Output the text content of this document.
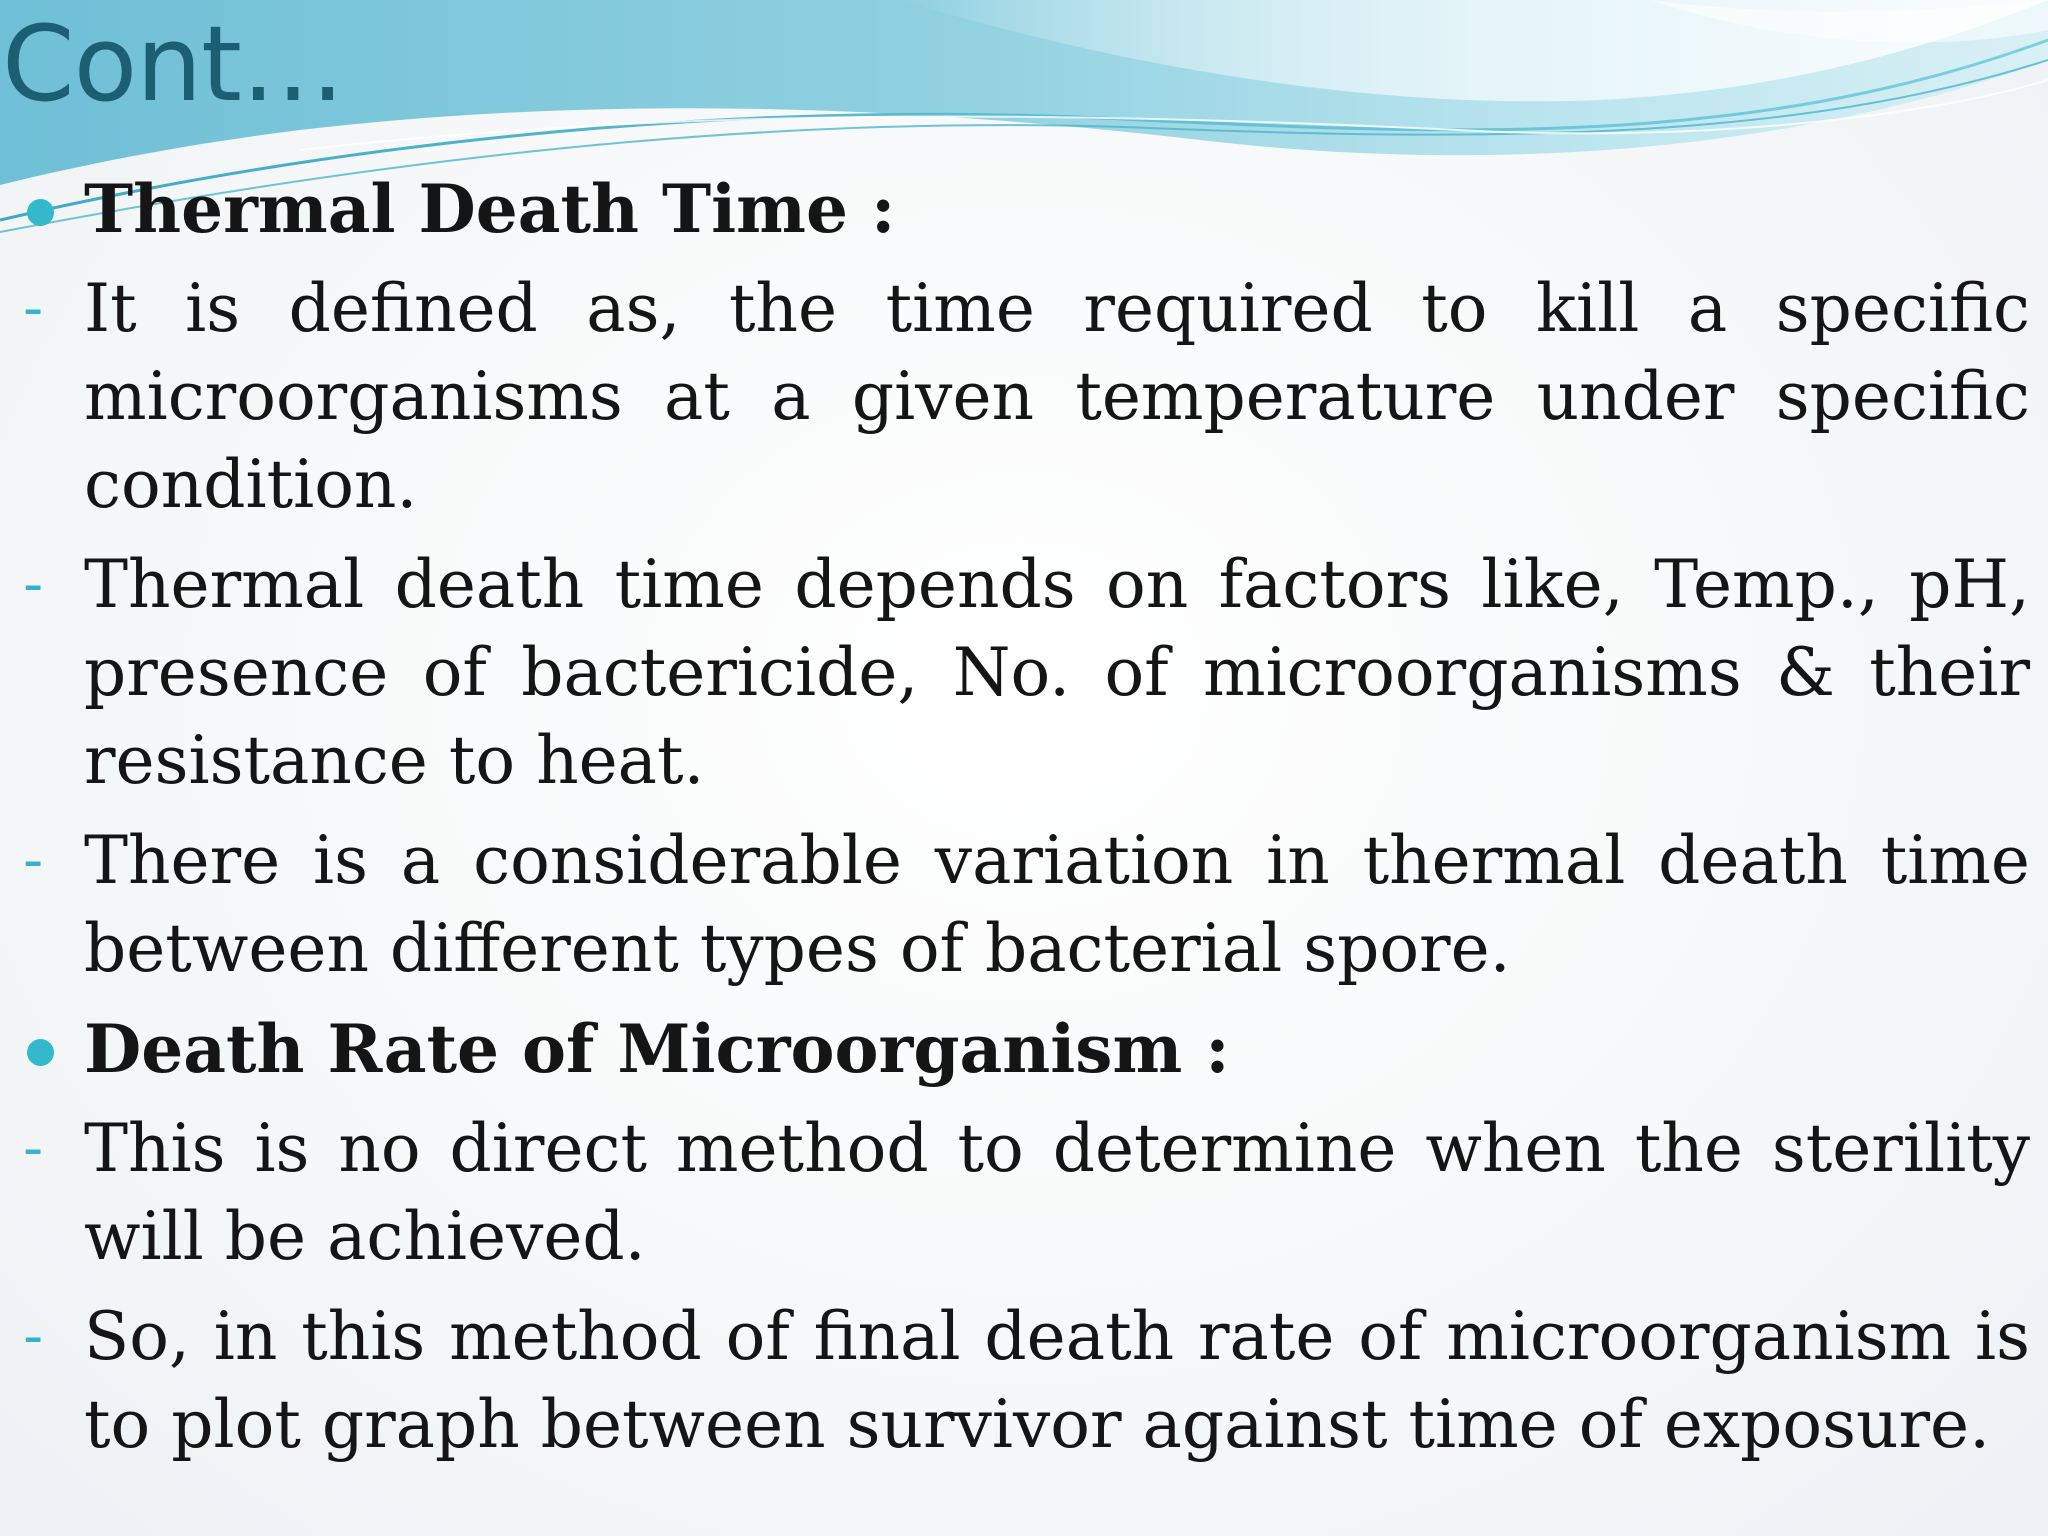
Cont…
Thermal Death Time :
- It is defined as, the time required to kill a specific microorganisms at a given temperature under specific condition.
- Thermal death time depends on factors like, Temp., pH, presence of bactericide, No. of microorganisms & their resistance to heat.
- There is a considerable variation in thermal death time between different types of bacterial spore.
Death Rate of Microorganism :
- This is no direct method to determine when the sterility will be achieved.
- So, in this method of final death rate of microorganism is to plot graph between survivor against time of exposure.
